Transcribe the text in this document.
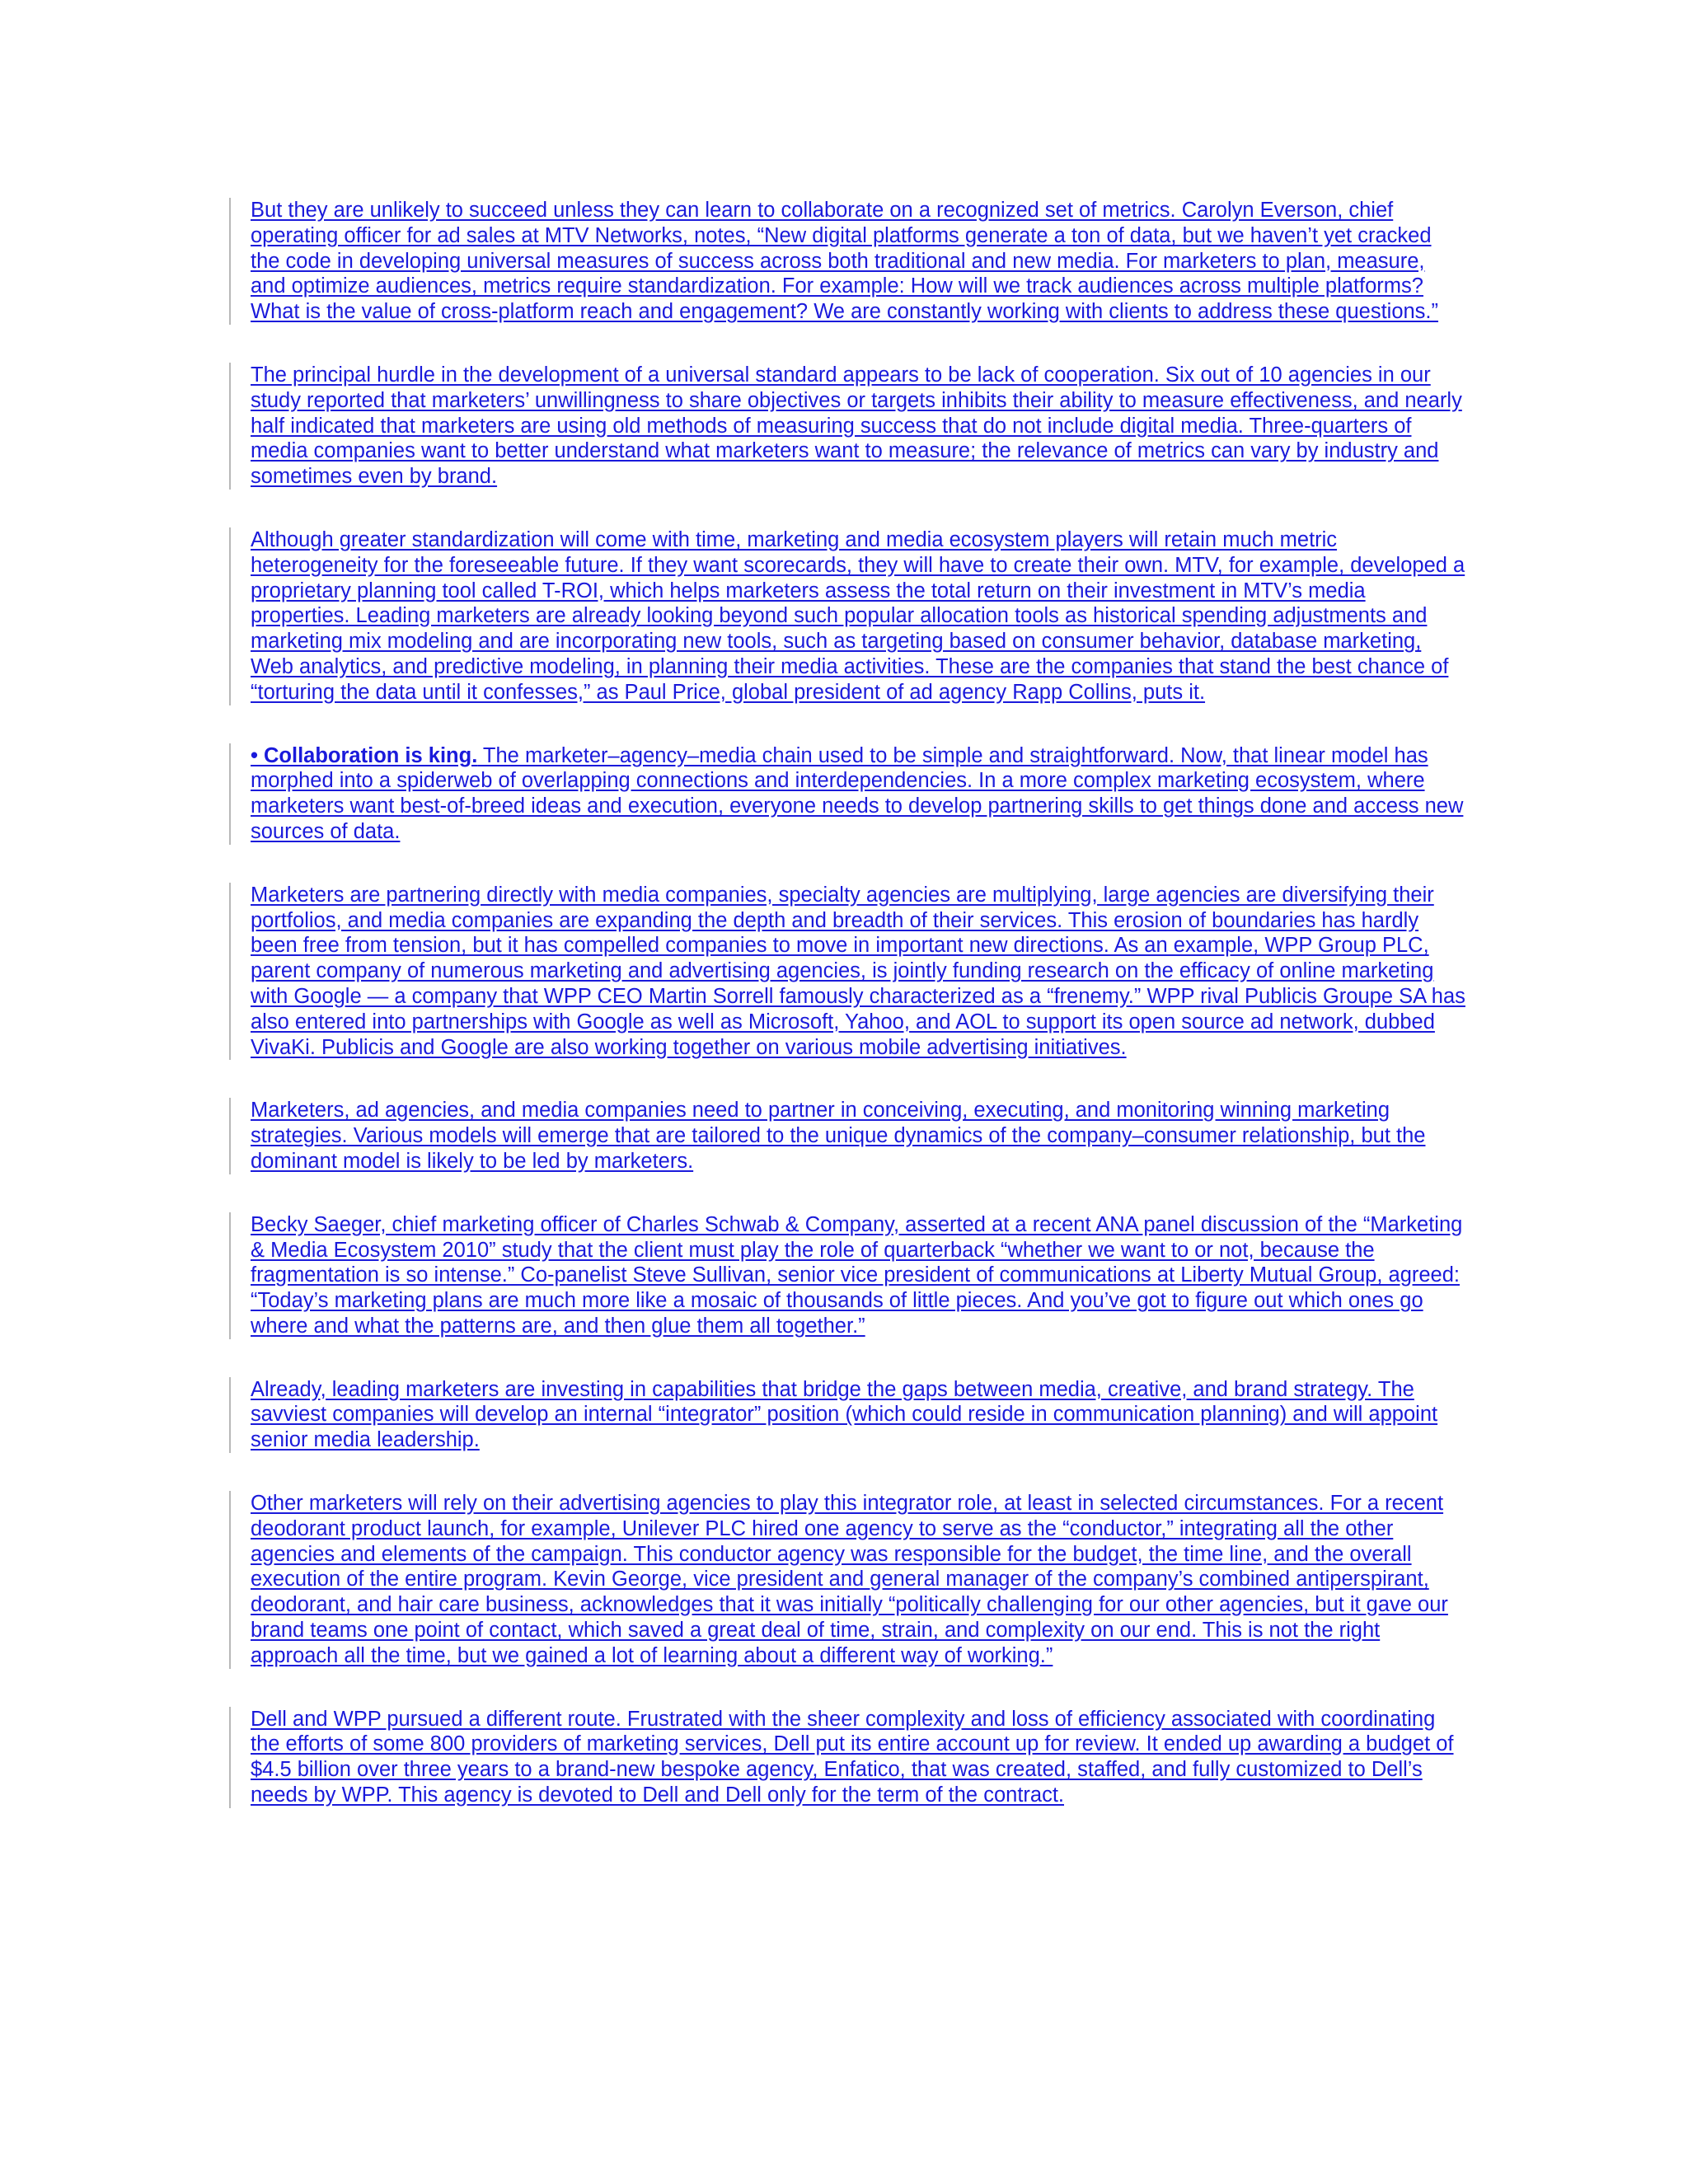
But they are unlikely to succeed unless they can learn to collaborate on a recognized set of metrics. Carolyn Everson, chief operating officer for ad sales at MTV Networks, notes, “New digital platforms generate a ton of data, but we haven’t yet cracked the code in developing universal measures of success across both traditional and new media. For marketers to plan, measure, and optimize audiences, metrics require standardization. For example: How will we track audiences across multiple platforms? What is the value of cross-platform reach and engagement? We are constantly working with clients to address these questions.”

The principal hurdle in the development of a universal standard appears to be lack of cooperation. Six out of 10 agencies in our study reported that marketers’ unwillingness to share objectives or targets inhibits their ability to measure effectiveness, and nearly half indicated that marketers are using old methods of measuring success that do not include digital media. Three-quarters of media companies want to better understand what marketers want to measure; the relevance of metrics can vary by industry and sometimes even by brand.

Although greater standardization will come with time, marketing and media ecosystem players will retain much metric heterogeneity for the foreseeable future. If they want scorecards, they will have to create their own. MTV, for example, developed a proprietary planning tool called T-ROI, which helps marketers assess the total return on their investment in MTV’s media properties. Leading marketers are already looking beyond such popular allocation tools as historical spending adjustments and marketing mix modeling and are incorporating new tools, such as targeting based on consumer behavior, database marketing, Web analytics, and predictive modeling, in planning their media activities. These are the companies that stand the best chance of “torturing the data until it confesses,” as Paul Price, global president of ad agency Rapp Collins, puts it.

• Collaboration is king. The marketer–agency–media chain used to be simple and straightforward. Now, that linear model has morphed into a spiderweb of overlapping connections and interdependencies. In a more complex marketing ecosystem, where marketers want best-of-breed ideas and execution, everyone needs to develop partnering skills to get things done and access new sources of data.

Marketers are partnering directly with media companies, specialty agencies are multiplying, large agencies are diversifying their portfolios, and media companies are expanding the depth and breadth of their services. This erosion of boundaries has hardly been free from tension, but it has compelled companies to move in important new directions. As an example, WPP Group PLC, parent company of numerous marketing and advertising agencies, is jointly funding research on the efficacy of online marketing with Google — a company that WPP CEO Martin Sorrell famously characterized as a “frenemy.” WPP rival Publicis Groupe SA has also entered into partnerships with Google as well as Microsoft, Yahoo, and AOL to support its open source ad network, dubbed VivaKi. Publicis and Google are also working together on various mobile advertising initiatives.

Marketers, ad agencies, and media companies need to partner in conceiving, executing, and monitoring winning marketing strategies. Various models will emerge that are tailored to the unique dynamics of the company–consumer relationship, but the dominant model is likely to be led by marketers.

Becky Saeger, chief marketing officer of Charles Schwab & Company, asserted at a recent ANA panel discussion of the “Marketing & Media Ecosystem 2010” study that the client must play the role of quarterback “whether we want to or not, because the fragmentation is so intense.” Co-panelist Steve Sullivan, senior vice president of communications at Liberty Mutual Group, agreed: “Today’s marketing plans are much more like a mosaic of thousands of little pieces. And you’ve got to figure out which ones go where and what the patterns are, and then glue them all together.”

Already, leading marketers are investing in capabilities that bridge the gaps between media, creative, and brand strategy. The savviest companies will develop an internal “integrator” position (which could reside in communication planning) and will appoint senior media leadership.

Other marketers will rely on their advertising agencies to play this integrator role, at least in selected circumstances. For a recent deodorant product launch, for example, Unilever PLC hired one agency to serve as the “conductor,” integrating all the other agencies and elements of the campaign. This conductor agency was responsible for the budget, the time line, and the overall execution of the entire program. Kevin George, vice president and general manager of the company’s combined antiperspirant, deodorant, and hair care business, acknowledges that it was initially “politically challenging for our other agencies, but it gave our brand teams one point of contact, which saved a great deal of time, strain, and complexity on our end. This is not the right approach all the time, but we gained a lot of learning about a different way of working.”

Dell and WPP pursued a different route. Frustrated with the sheer complexity and loss of efficiency associated with coordinating the efforts of some 800 providers of marketing services, Dell put its entire account up for review. It ended up awarding a budget of $4.5 billion over three years to a brand-new bespoke agency, Enfatico, that was created, staffed, and fully customized to Dell’s needs by WPP. This agency is devoted to Dell and Dell only for the term of the contract.
